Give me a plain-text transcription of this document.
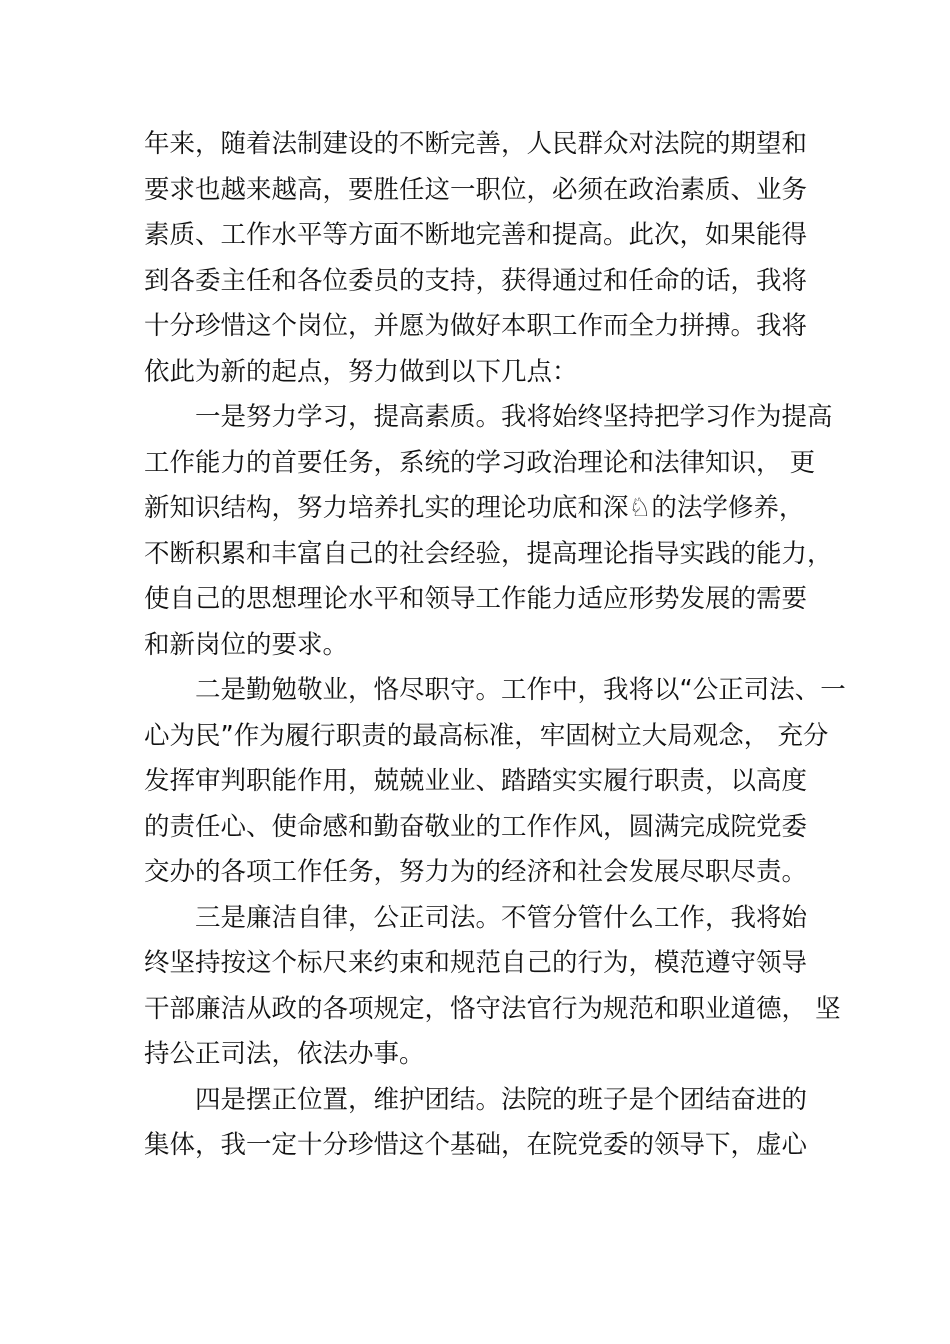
年来，随着法制建设的不断完善，人民群众对法院的期望和
要求也越来越高，要胜任这一职位，必须在政治素质、业务
素质、工作水平等方面不断地完善和提高。此次，如果能得
到各委主任和各位委员的支持，获得通过和任命的话，我将
十分珍惜这个岗位，并愿为做好本职工作而全力拼搏。我将
依此为新的起点，努力做到以下几点：
一是努力学习，提高素质。我将始终坚持把学习作为提高
工作能力的首要任务，系统的学习政治理论和法律知识， 更
新知识结构，努力培养扎实的理论功底和深♘的法学修养，
不断积累和丰富自己的社会经验，提高理论指导实践的能力，
使自己的思想理论水平和领导工作能力适应形势发展的需要
和新岗位的要求。
二是勤勉敬业，恪尽职守。工作中，我将以“公正司法、一
心为民”作为履行职责的最高标准，牢固树立大局观念， 充分
发挥审判职能作用，兢兢业业、踏踏实实履行职责，以高度
的责任心、使命感和勤奋敬业的工作作风，圆满完成院党委
交办的各项工作任务，努力为的经济和社会发展尽职尽责。
三是廉洁自律，公正司法。不管分管什么工作，我将始
终坚持按这个标尺来约束和规范自己的行为，模范遵守领导
干部廉洁从政的各项规定，恪守法官行为规范和职业道德， 坚
持公正司法，依法办事。
四是摆正位置，维护团结。法院的班子是个团结奋进的
集体，我一定十分珍惜这个基础，在院党委的领导下，虚心
